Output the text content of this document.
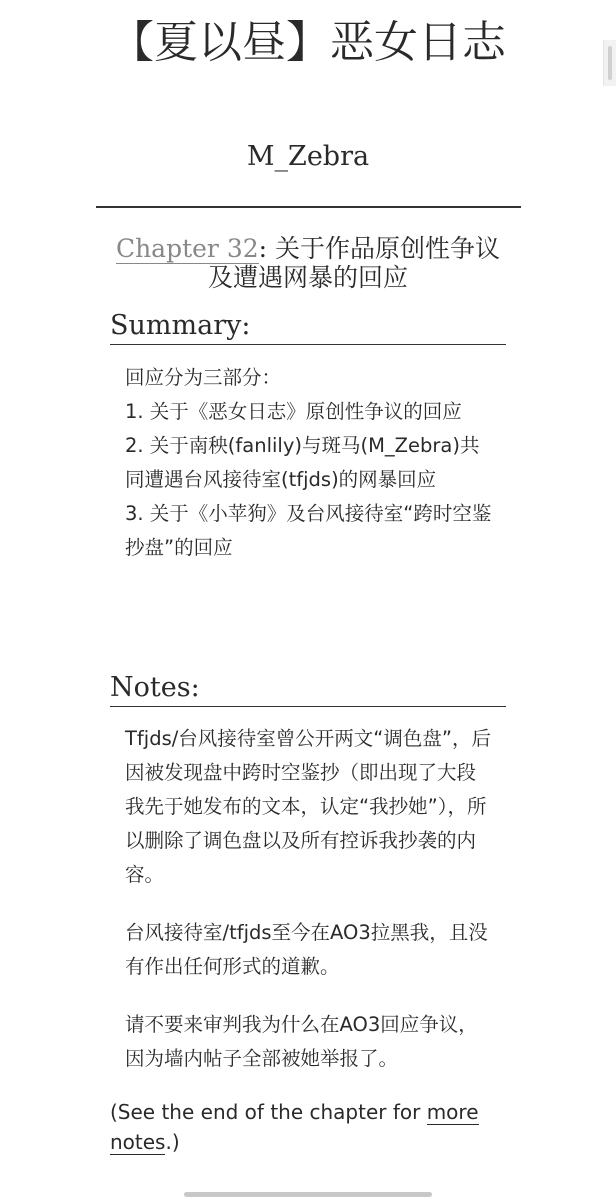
【夏以昼】恶女日志
M_Zebra
Chapter 32: 关于作品原创性争议及遭遇网暴的回应
Summary:

回应分为三部分：

1. 关于《恶女日志》原创性争议的回应

2. 关于南秧(fanlily)与斑马(M_Zebra)共同遭遇台风接待室(tfjds)的网暴回应

3. 关于《小苹狗》及台风接待室“跨时空鉴抄盘”的回应

Notes:

Tfjds/台风接待室曾公开两文“调色盘”，后因被发现盘中跨时空鉴抄（即出现了大段我先于她发布的文本，认定“我抄她”），所以删除了调色盘以及所有控诉我抄袭的内容。

台风接待室/tfjds至今在AO3拉黑我，且没有作出任何形式的道歉。

请不要来审判我为什么在AO3回应争议，因为墙内帖子全部被她举报了。

(See the end of the chapter for more notes.)
